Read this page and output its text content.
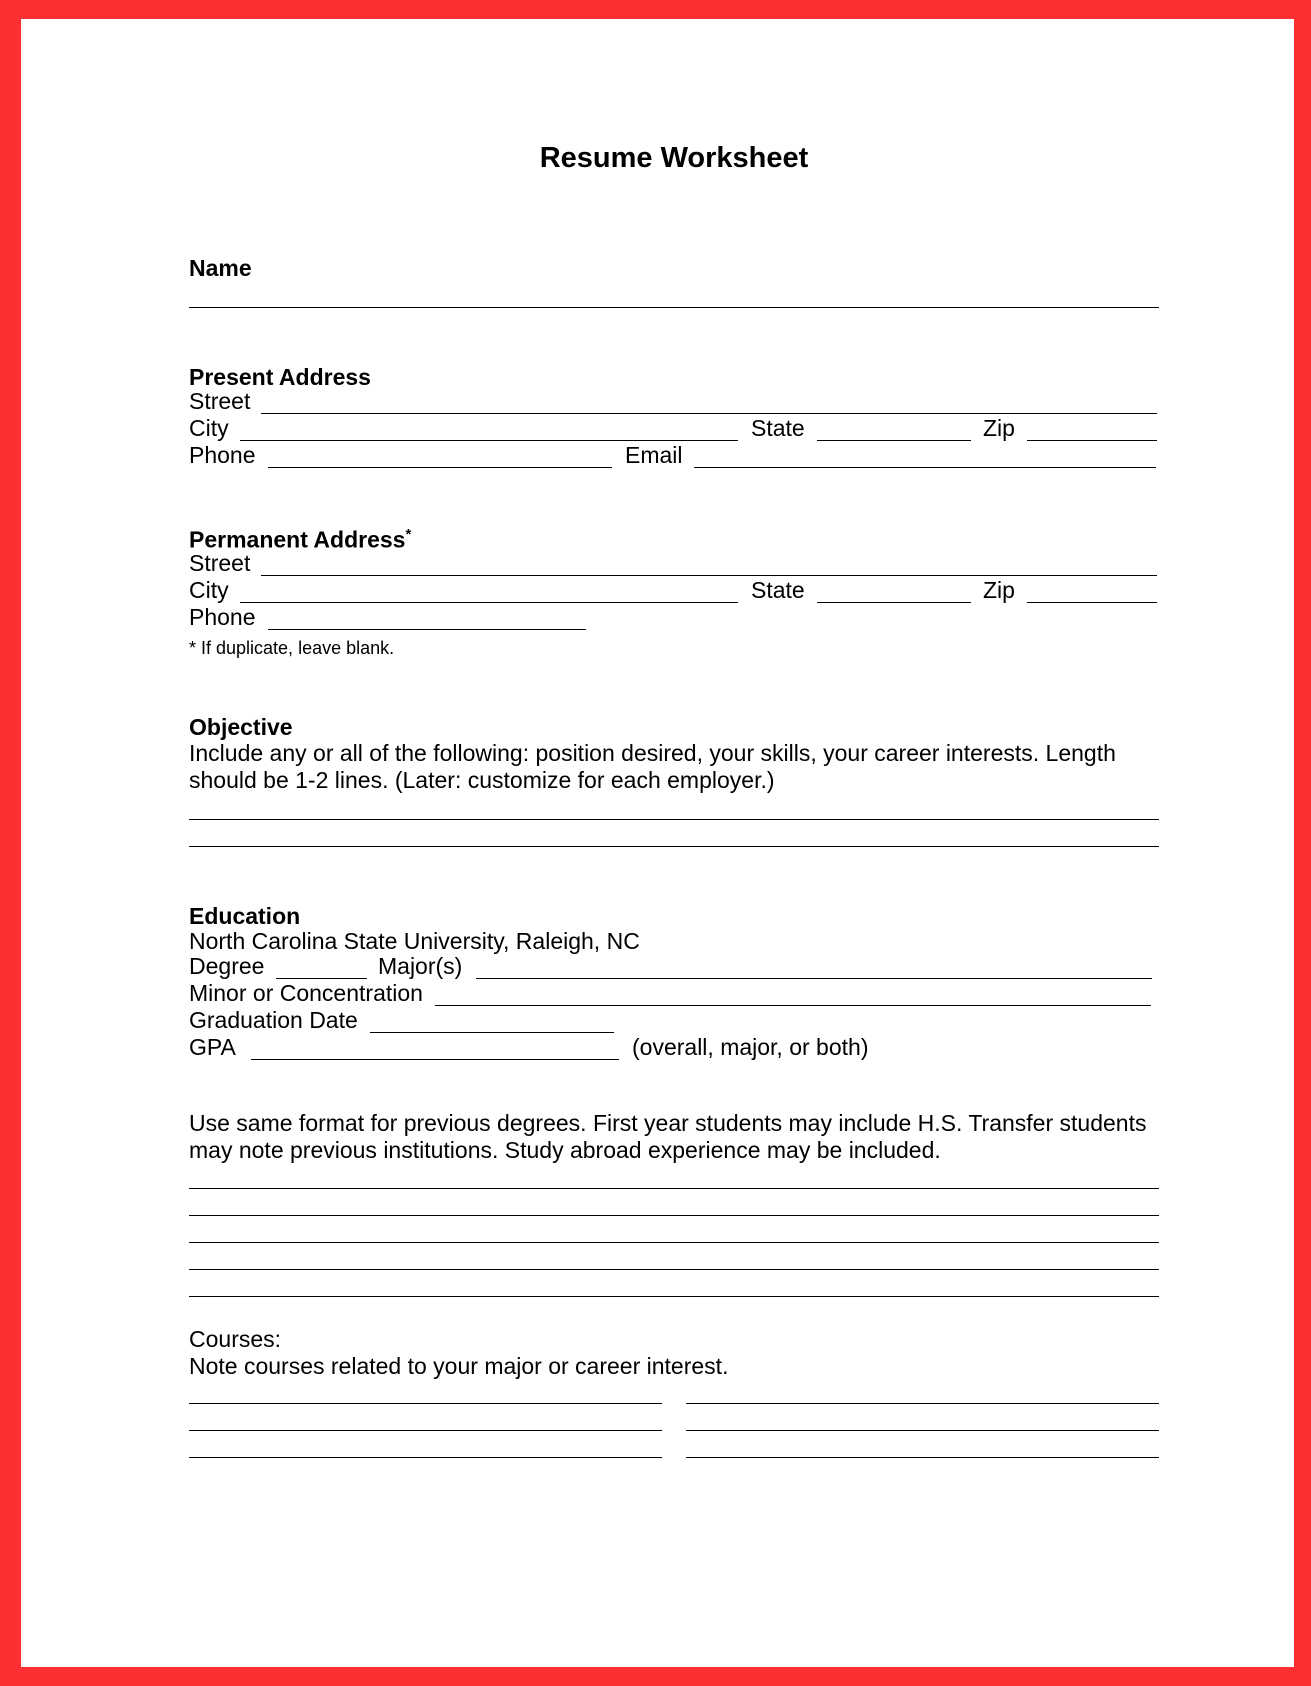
Resume Worksheet
Name
Present Address
Street
City	State	Zip
Phone	Email
Permanent Address*
Street
City	State	Zip
Phone
* If duplicate, leave blank.
Objective
Include any or all of the following: position desired, your skills, your career interests. Length
should be 1-2 lines. (Later: customize for each employer.)
Education
North Carolina State University, Raleigh, NC
Degree	Major(s)
Minor or Concentration
Graduation Date
GPA	(overall, major, or both)
Use same format for previous degrees. First year students may include H.S. Transfer students
may note previous institutions. Study abroad experience may be included.
Courses:
Note courses related to your major or career interest.
